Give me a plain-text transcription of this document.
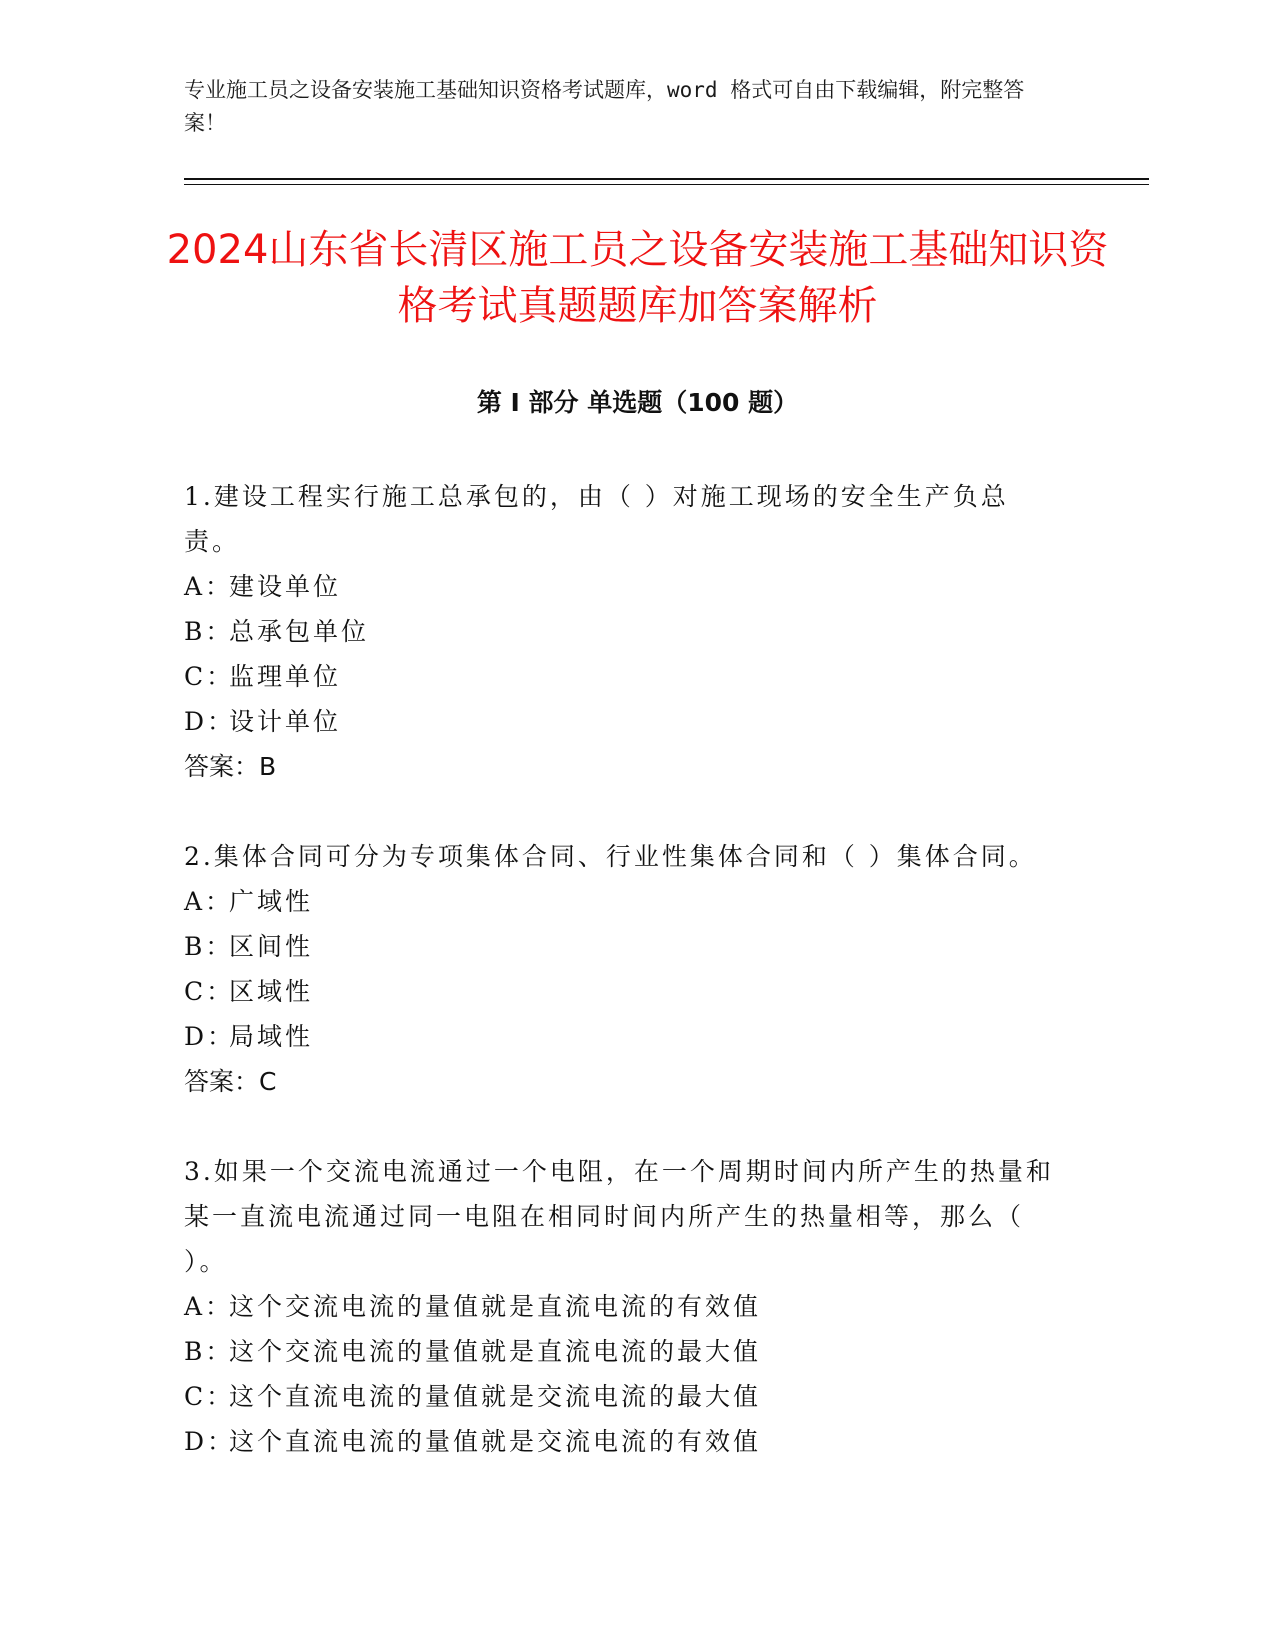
专业施工员之设备安装施工基础知识资格考试题库，word 格式可自由下载编辑，附完整答案！
2024山东省长清区施工员之设备安装施工基础知识资格考试真题题库加答案解析
第 I 部分 单选题（100 题）

1.建设工程实行施工总承包的，由（ ）对施工现场的安全生产负总责。

A：建设单位

B：总承包单位

C：监理单位

D：设计单位

答案：B

2.集体合同可分为专项集体合同、行业性集体合同和（ ）集体合同。

A：广域性

B：区间性

C：区域性

D：局域性

答案：C

3.如果一个交流电流通过一个电阻，在一个周期时间内所产生的热量和某一直流电流通过同一电阻在相同时间内所产生的热量相等，那么（ ）。

A：这个交流电流的量值就是直流电流的有效值

B：这个交流电流的量值就是直流电流的最大值

C：这个直流电流的量值就是交流电流的最大值

D：这个直流电流的量值就是交流电流的有效值
